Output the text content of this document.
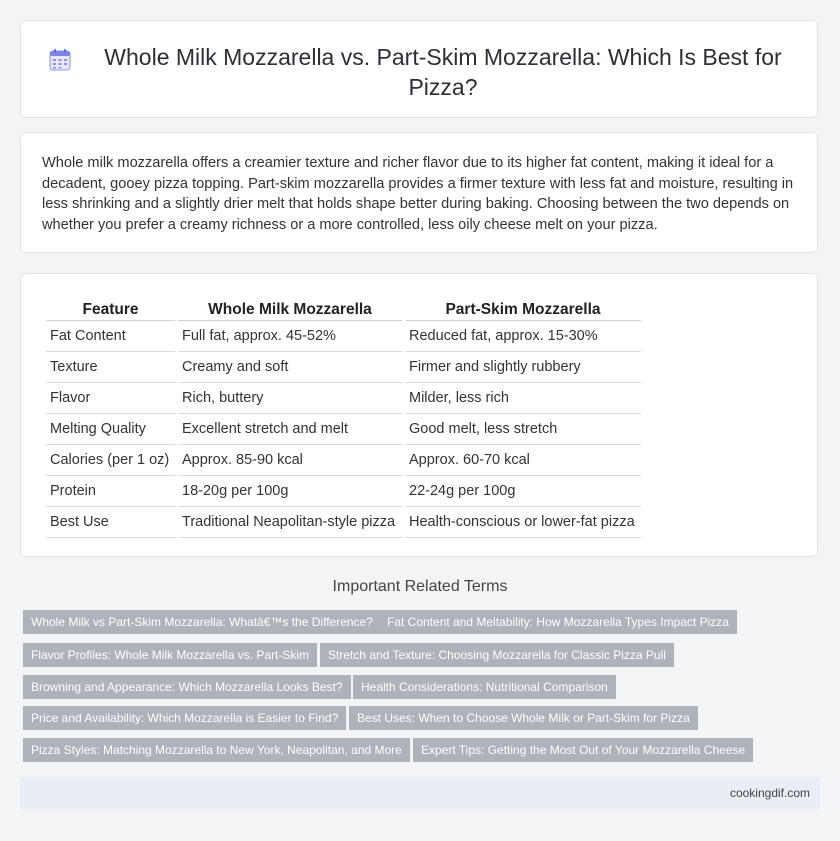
Whole Milk Mozzarella vs. Part-Skim Mozzarella: Which Is Best for Pizza?

Whole milk mozzarella offers a creamier texture and richer flavor due to its higher fat content, making it ideal for a decadent, gooey pizza topping. Part-skim mozzarella provides a firmer texture with less fat and moisture, resulting in less shrinking and a slightly drier melt that holds shape better during baking. Choosing between the two depends on whether you prefer a creamy richness or a more controlled, less oily cheese melt on your pizza.

Feature	Whole Milk Mozzarella	Part-Skim Mozzarella
Fat Content	Full fat, approx. 45-52%	Reduced fat, approx. 15-30%
Texture	Creamy and soft	Firmer and slightly rubbery
Flavor	Rich, buttery	Milder, less rich
Melting Quality	Excellent stretch and melt	Good melt, less stretch
Calories (per 1 oz)	Approx. 85-90 kcal	Approx. 60-70 kcal
Protein	18-20g per 100g	22-24g per 100g
Best Use	Traditional Neapolitan-style pizza	Health-conscious or lower-fat pizza
Important Related Terms
Whole Milk vs Part-Skim Mozzarella: Whatâ€™s the Difference?	Fat Content and Meltability: How Mozzarella Types Impact Pizza
Flavor Profiles: Whole Milk Mozzarella vs. Part-Skim	Stretch and Texture: Choosing Mozzarella for Classic Pizza Pull
Browning and Appearance: Which Mozzarella Looks Best?	Health Considerations: Nutritional Comparison
Price and Availability: Which Mozzarella is Easier to Find?	Best Uses: When to Choose Whole Milk or Part-Skim for Pizza
Pizza Styles: Matching Mozzarella to New York, Neapolitan, and More	Expert Tips: Getting the Most Out of Your Mozzarella Cheese
cookingdif.com
